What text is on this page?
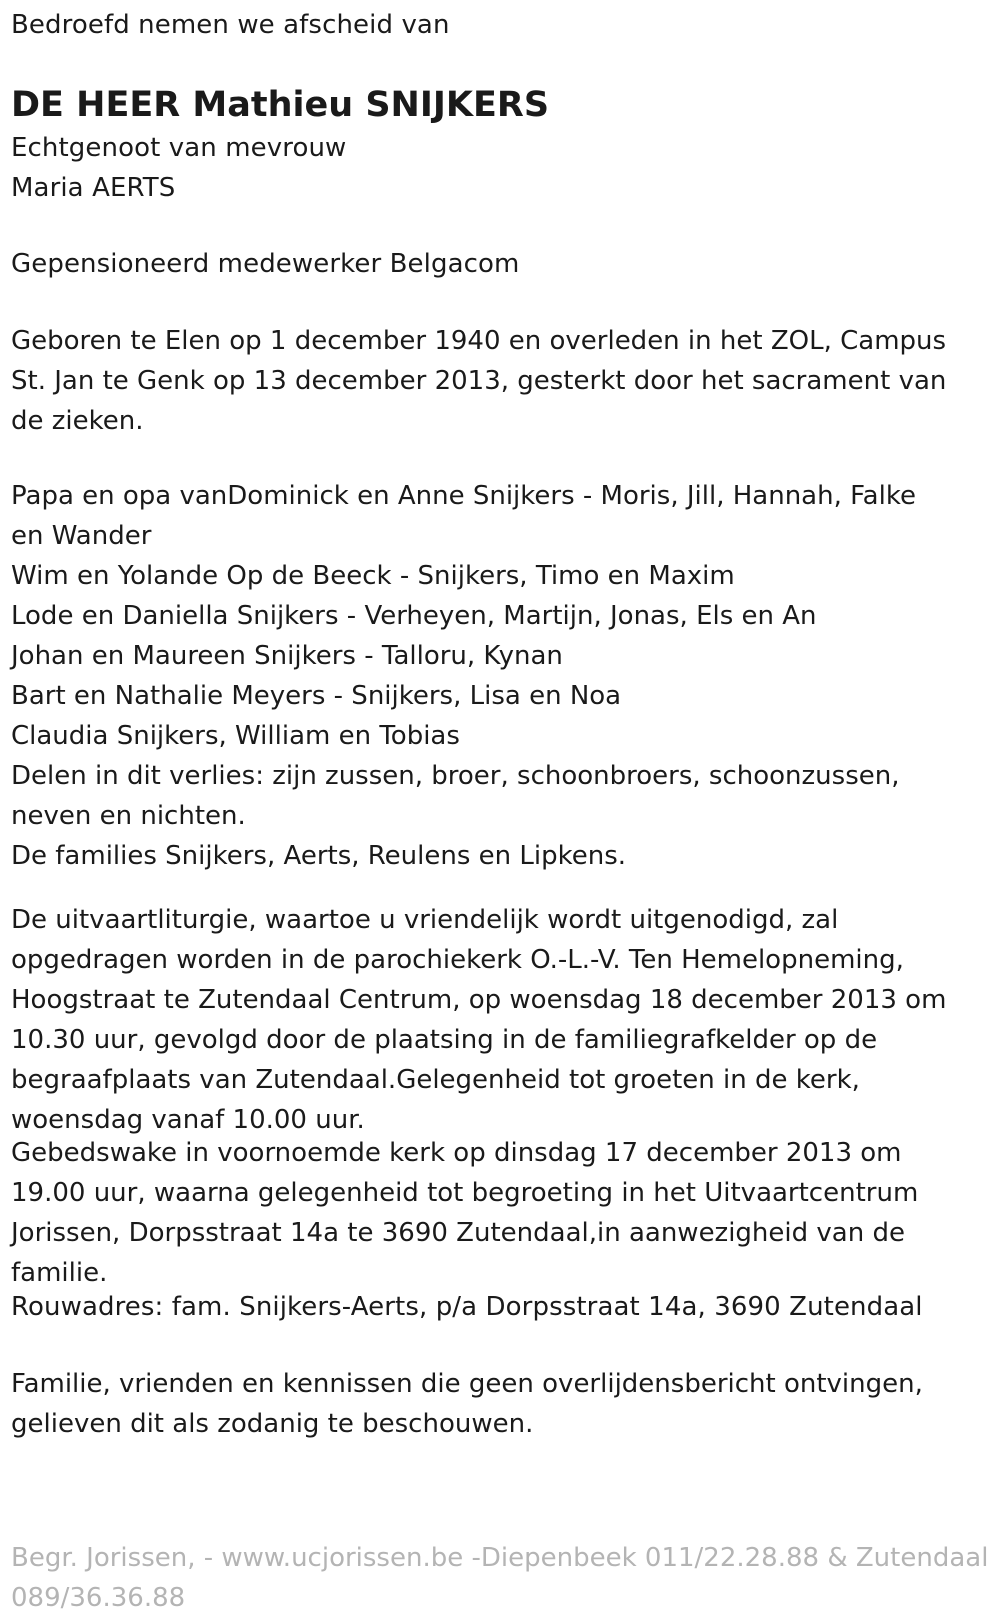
Bedroefd nemen we afscheid van
DE HEER Mathieu SNIJKERS
Echtgenoot van mevrouw
Maria AERTS
Gepensioneerd medewerker Belgacom
Geboren te Elen op 1 december 1940 en overleden in het ZOL, Campus St. Jan te Genk op 13 december 2013, gesterkt door het sacrament van de zieken.
Papa en opa vanDominick en Anne Snijkers - Moris, Jill, Hannah, Falke en Wander
Wim en Yolande Op de Beeck - Snijkers, Timo en Maxim
Lode en Daniella Snijkers - Verheyen, Martijn, Jonas, Els en An
Johan en Maureen Snijkers - Talloru, Kynan
Bart en Nathalie Meyers - Snijkers, Lisa en Noa
Claudia Snijkers, William en Tobias
Delen in dit verlies: zijn zussen, broer, schoonbroers, schoonzussen, neven en nichten.
De families Snijkers, Aerts, Reulens en Lipkens.
De uitvaartliturgie, waartoe u vriendelijk wordt uitgenodigd, zal opgedragen worden in de parochiekerk O.-L.-V. Ten Hemelopneming, Hoogstraat te Zutendaal Centrum, op woensdag 18 december 2013 om 10.30 uur, gevolgd door de plaatsing in de familiegrafkelder op de begraafplaats van Zutendaal.Gelegenheid tot groeten in de kerk, woensdag vanaf 10.00 uur.
Gebedswake in voornoemde kerk op dinsdag 17 december 2013 om 19.00 uur, waarna gelegenheid tot begroeting in het Uitvaartcentrum Jorissen, Dorpsstraat 14a te 3690 Zutendaal,in aanwezigheid van de familie.
Rouwadres: fam. Snijkers-Aerts, p/a Dorpsstraat 14a, 3690 Zutendaal
Familie, vrienden en kennissen die geen overlijdensbericht ontvingen, gelieven dit als zodanig te beschouwen.
Begr. Jorissen, - www.ucjorissen.be -Diepenbeek 011/22.28.88 & Zutendaal 089/36.36.88
